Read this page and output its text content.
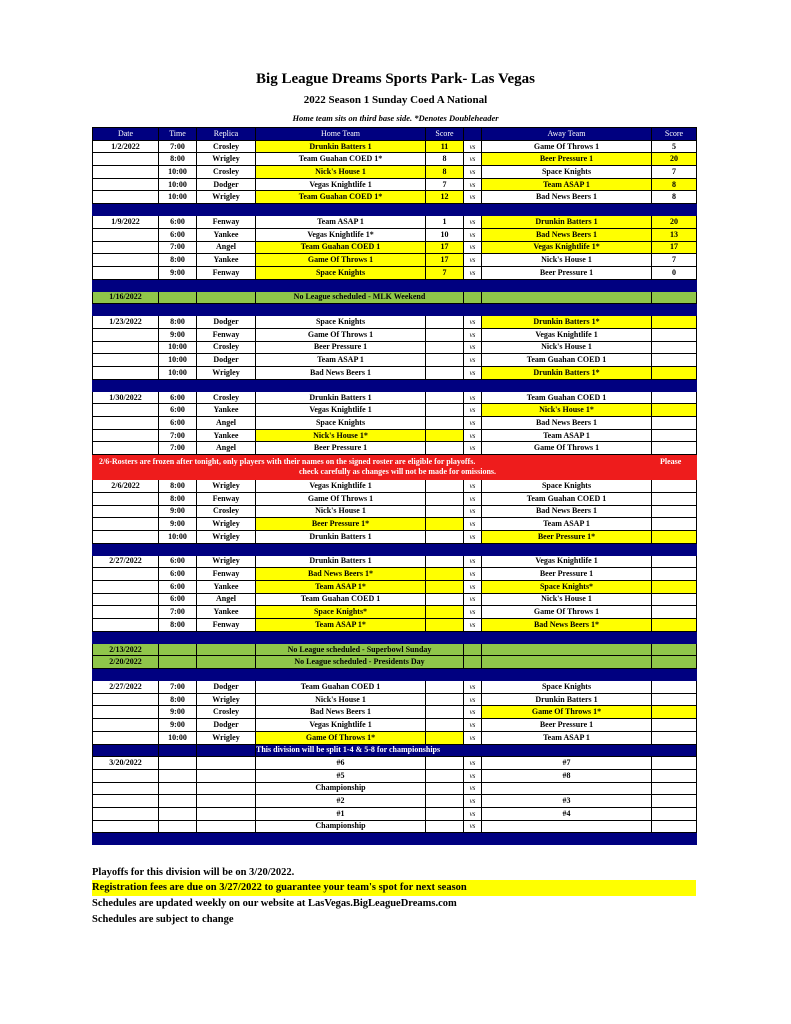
Big League Dreams Sports Park- Las Vegas
2022 Season 1 Sunday Coed A National
Home team sits on third base side. *Denotes Doubleheader
Date	Time	Replica	Home Team	Score		Away Team	Score
1/2/2022	7:00	Crosley	Drunkin Batters 1	11	vs	Game Of Throws 1	5
	8:00	Wrigley	Team Guahan COED 1*	8	vs	Beer Pressure 1	20
	10:00	Crosley	Nick's House 1	8	vs	Space Knights	7
	10:00	Dodger	Vegas Knightlife 1	7	vs	Team ASAP 1	8
	10:00	Wrigley	Team Guahan COED 1*	12	vs	Bad News Beers 1	8

1/9/2022	6:00	Fenway	Team ASAP 1	1	vs	Drunkin Batters 1	20
	6:00	Yankee	Vegas Knightlife 1*	10	vs	Bad News Beers 1	13
	7:00	Angel	Team Guahan COED 1	17	vs	Vegas Knightlife 1*	17
	8:00	Yankee	Game Of Throws 1	17	vs	Nick's House 1	7
	9:00	Fenway	Space Knights	7	vs	Beer Pressure 1	0

1/16/2022			No League scheduled - MLK Weekend				

1/23/2022	8:00	Dodger	Space Knights		vs	Drunkin Batters 1*	
	9:00	Fenway	Game Of Throws 1		vs	Vegas Knightlife 1	
	10:00	Crosley	Beer Pressure 1		vs	Nick's House 1	
	10:00	Dodger	Team ASAP 1		vs	Team Guahan COED 1	
	10:00	Wrigley	Bad News Beers 1		vs	Drunkin Batters 1*	

1/30/2022	6:00	Crosley	Drunkin Batters 1		vs	Team Guahan COED 1	
	6:00	Yankee	Vegas Knightlife 1		vs	Nick's House 1*	
	6:00	Angel	Space Knights		vs	Bad News Beers 1	
	7:00	Yankee	Nick's House 1*		vs	Team ASAP 1	
	7:00	Angel	Beer Pressure 1		vs	Game Of Throws 1	

2/6-Rosters are frozen after tonight, only players with their names on the signed roster are eligible for playoffs. Please
check carefully as changes will not be made for omissions.							

2/6/2022	8:00	Wrigley	Vegas Knightlife 1		vs	Space Knights	
	8:00	Fenway	Game Of Throws 1		vs	Team Guahan COED 1	
	9:00	Crosley	Nick's House 1		vs	Bad News Beers 1	
	9:00	Wrigley	Beer Pressure 1*		vs	Team ASAP 1	
	10:00	Wrigley	Drunkin Batters 1		vs	Beer Pressure 1*	

2/27/2022	6:00	Wrigley	Drunkin Batters 1		vs	Vegas Knightlife 1	
	6:00	Fenway	Bad News Beers 1*		vs	Beer Pressure 1	
	6:00	Yankee	Team ASAP 1*		vs	Space Knights*	
	6:00	Angel	Team Guahan COED 1		vs	Nick's House 1	
	7:00	Yankee	Space Knights*		vs	Game Of Throws 1	
	8:00	Fenway	Team ASAP 1*		vs	Bad News Beers 1*	

2/13/2022			No League scheduled - Superbowl Sunday				
2/20/2022			No League scheduled - Presidents Day				

2/27/2022	7:00	Dodger	Team Guahan COED 1		vs	Space Knights	
	8:00	Wrigley	Nick's House 1		vs	Drunkin Batters 1	
	9:00	Crosley	Bad News Beers 1		vs	Game Of Throws 1*	
	9:00	Dodger	Vegas Knightlife 1		vs	Beer Pressure 1	
	10:00	Wrigley	Game Of Throws 1*		vs	Team ASAP 1	
			This division will be split 1-4 & 5-8 for championships				
3/20/2022			#6		vs	#7	
			#5		vs	#8	
			Championship		vs		
			#2		vs	#3	
			#1		vs	#4	
			Championship		vs		

Playoffs for this division will be on 3/20/2022.
Registration fees are due on 3/27/2022 to guarantee your team's spot for next season
Schedules are updated weekly on our website at LasVegas.BigLeagueDreams.com
Schedules are subject to change
